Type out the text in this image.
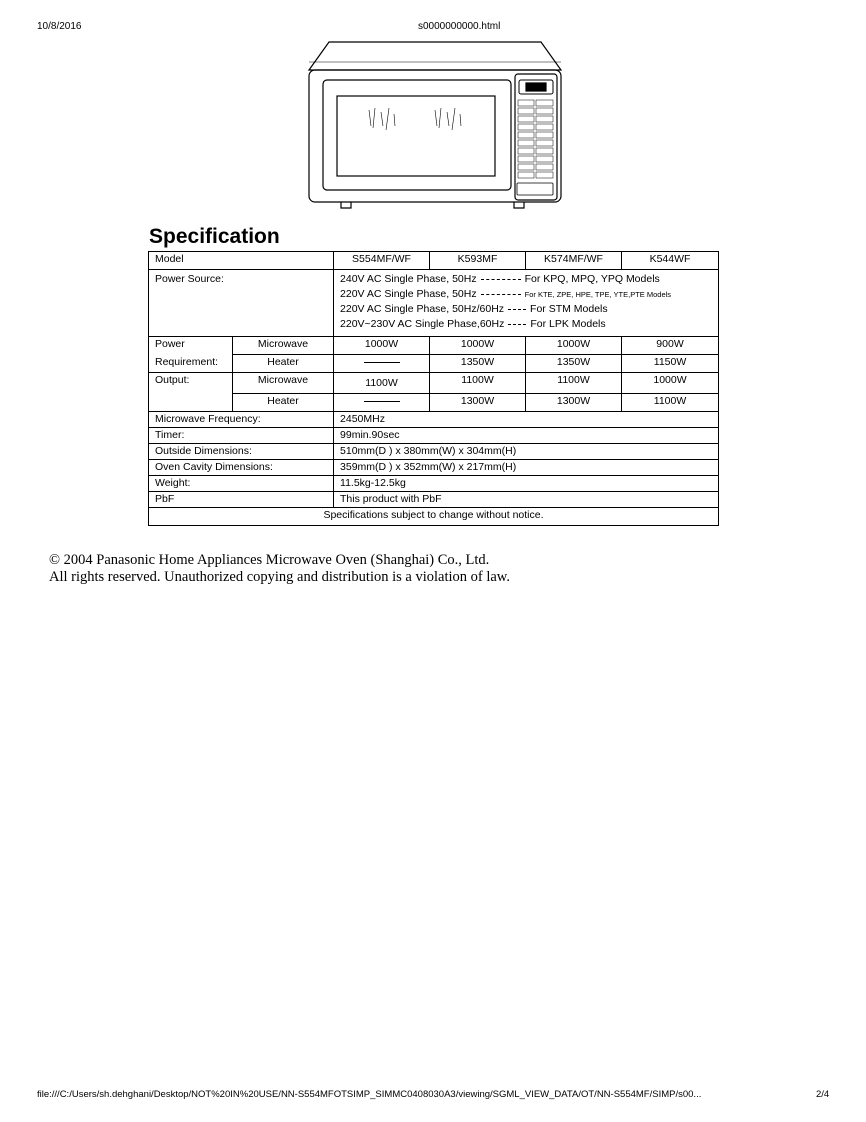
10/8/2016	s0000000000.html
Specification
Model		S554MF/WF	K593MF	K574MF/WF	K544WF
Power Source:		240V AC Single Phase, 50Hz For KPQ, MPQ, YPQ Models
220V AC Single Phase, 50Hz For KTE, ZPE, HPE, TPE, YTE,PTE Models
220V AC Single Phase, 50Hz/60Hz For STM Models
220V~230V AC Single Phase,60Hz For LPK Models			

Power	Microwave	1000W	1000W	1000W	900W
Requirement:	Heater		1350W	1350W	1150W
Output:	Microwave	1100W	1100W	1100W	1000W
	Heater		1300W	1300W	1100W
Microwave Frequency:		2450MHz			
Timer:		99min.90sec			
Outside Dimensions:		510mm(D ) x 380mm(W) x 304mm(H)			
Oven Cavity Dimensions:		359mm(D ) x 352mm(W) x 217mm(H)			
Weight:		11.5kg-12.5kg			
PbF		This product with PbF			
Specifications subject to change without notice.					
© 2004 Panasonic Home Appliances Microwave Oven (Shanghai) Co., Ltd.
All rights reserved. Unauthorized copying and distribution is a violation of law.
file:///C:/Users/sh.dehghani/Desktop/NOT%20IN%20USE/NN-S554MFOTSIMP_SIMMC0408030A3/viewing/SGML_VIEW_DATA/OT/NN-S554MF/SIMP/s00...	2/4
